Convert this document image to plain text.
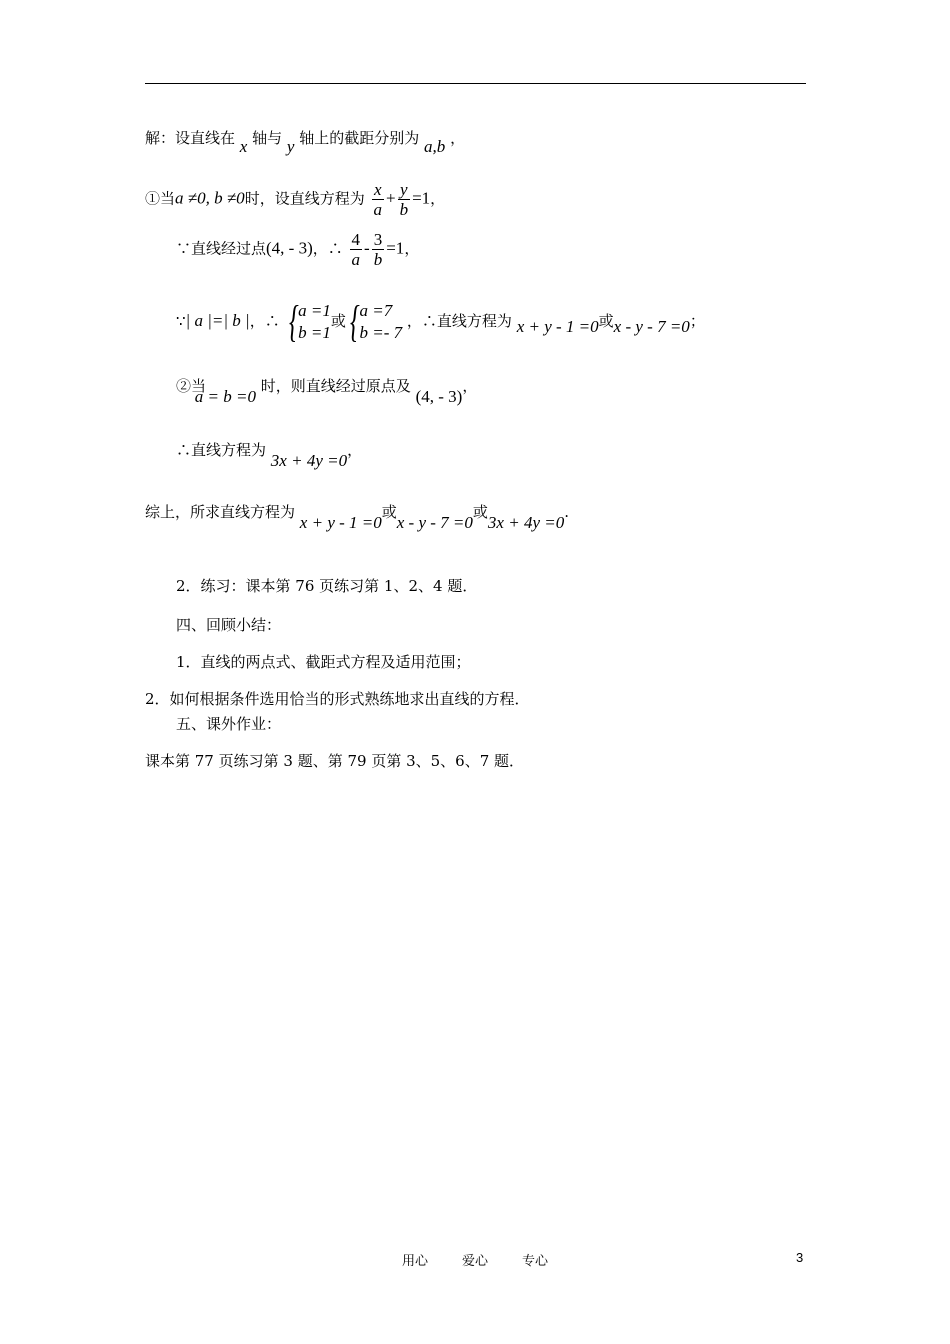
解：设直线在 x 轴与 y 轴上的截距分别为 a,b ，
①当a ≠0, b ≠0时，设直线方程为 $\frac{x}{a} + \frac{y}{b} =1$，
∵直线经过点(4, - 3)，∴ $\frac{4}{a} - \frac{3}{b} =1$，
∵| a |=| b |，∴ { a =1
b =1
或 { a =7
b =- 7
，∴直线方程为 x + y - 1 =0或x - y - 7 =0；
②当 a = b =0 时，则直线经过原点及 (4, - 3)，
∴直线方程为 3x + 4y =0，
综上，所求直线方程为 x + y - 1 =0或x - y - 7 =0或3x + 4y =0.
2．练习：课本第 76 页练习第 1、2、4 题．
四、回顾小结：
1．直线的两点式、截距式方程及适用范围；
2．如何根据条件选用恰当的形式熟练地求出直线的方程．
五、课外作业：
课本第 77 页练习第 3 题、第 79 页第 3、5、6、7 题．
用心	爱心	专心	3
